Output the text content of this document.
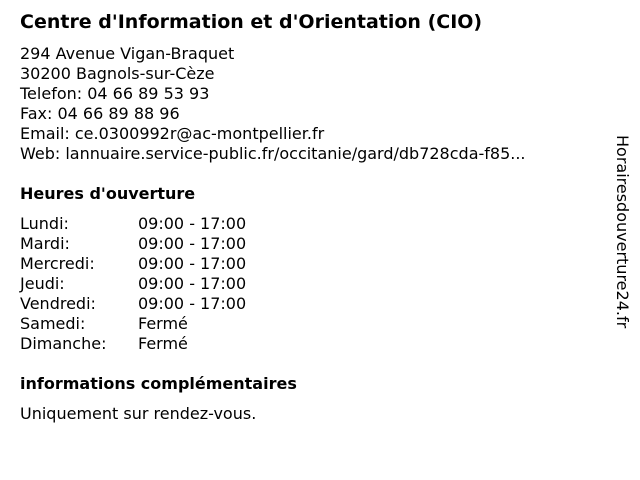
Centre d'Information et d'Orientation (CIO)
294 Avenue Vigan-Braquet
30200 Bagnols-sur-Cèze
Telefon: 04 66 89 53 93
Fax: 04 66 89 88 96
Email: ce.0300992r@ac-montpellier.fr
Web: lannuaire.service-public.fr/occitanie/gard/db728cda-f85...
Heures d'ouverture
Lundi:	09:00 - 17:00
Mardi:	09:00 - 17:00
Mercredi:	09:00 - 17:00
Jeudi:	09:00 - 17:00
Vendredi:	09:00 - 17:00
Samedi:	Fermé
Dimanche:	Fermé
informations complémentaires
Uniquement sur rendez-vous.
Horairesdouverture24.fr
